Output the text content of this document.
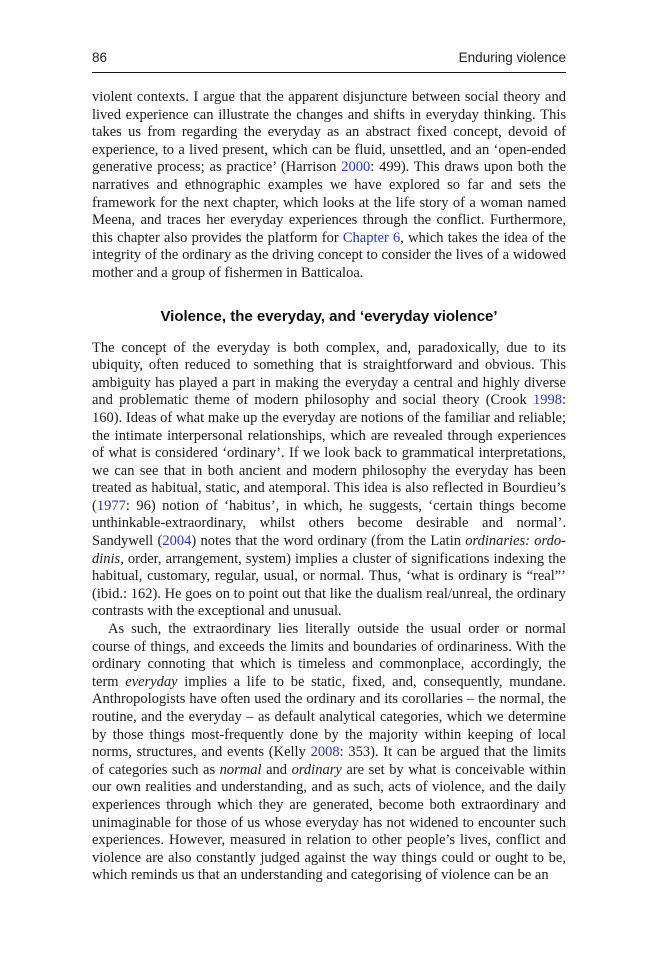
86	Enduring violence

violent contexts. I argue that the apparent disjuncture between social theory and lived experience can illustrate the changes and shifts in everyday thinking. This takes us from regarding the everyday as an abstract fixed concept, devoid of experience, to a lived present, which can be fluid, unsettled, and an ‘open-ended generative process; as practice’ (Harrison 2000: 499). This draws upon both the narratives and ethnographic examples we have explored so far and sets the framework for the next chapter, which looks at the life story of a woman named Meena, and traces her everyday experiences through the conflict. Furthermore, this chapter also provides the platform for Chapter 6, which takes the idea of the integrity of the ordinary as the driving concept to consider the lives of a widowed mother and a group of fishermen in Batticaloa.

Violence, the everyday, and ‘everyday violence’

The concept of the everyday is both complex, and, paradoxically, due to its ubiquity, often reduced to something that is straightforward and obvious. This ambiguity has played a part in making the everyday a central and highly diverse and problematic theme of modern philosophy and social theory (Crook 1998: 160). Ideas of what make up the everyday are notions of the familiar and reliable; the intimate interpersonal relationships, which are revealed through experiences of what is considered ‘ordinary’. If we look back to grammatical interpretations, we can see that in both ancient and modern philosophy the everyday has been treated as habitual, static, and atemporal. This idea is also reflected in Bourdieu’s (1977: 96) notion of ‘habitus’, in which, he suggests, ‘certain things become unthinkable-extraordinary, whilst others become desirable and normal’. Sandywell (2004) notes that the word ordinary (from the Latin ordinaries: ordo-dinis, order, arrangement, system) implies a cluster of significations indexing the habitual, customary, regular, usual, or normal. Thus, ‘what is ordinary is “real”’ (ibid.: 162). He goes on to point out that like the dualism real/unreal, the ordinary contrasts with the exceptional and unusual.

As such, the extraordinary lies literally outside the usual order or normal course of things, and exceeds the limits and boundaries of ordinariness. With the ordinary connoting that which is timeless and commonplace, accordingly, the term everyday implies a life to be static, fixed, and, consequently, mundane. Anthropologists have often used the ordinary and its corollaries – the normal, the routine, and the everyday – as default analytical categories, which we determine by those things most-frequently done by the majority within keeping of local norms, structures, and events (Kelly 2008: 353). It can be argued that the limits of categories such as normal and ordinary are set by what is conceivable within our own realities and understanding, and as such, acts of violence, and the daily experiences through which they are generated, become both extraordinary and unimaginable for those of us whose everyday has not widened to encounter such experiences. However, measured in relation to other people’s lives, conflict and violence are also constantly judged against the way things could or ought to be, which reminds us that an understanding and categorising of violence can be an
